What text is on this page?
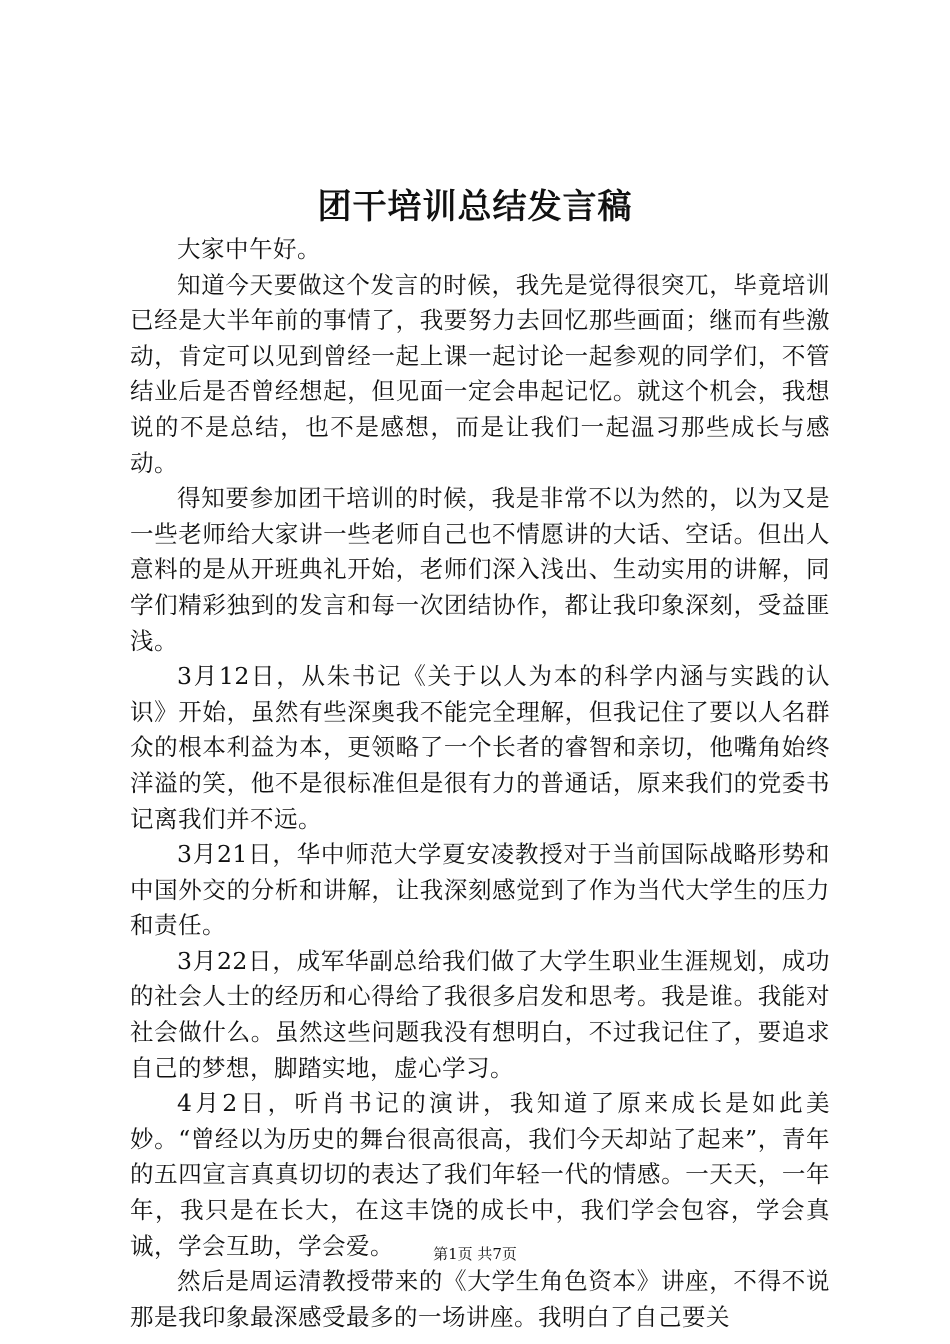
团干培训总结发言稿

大家中午好。

知道今天要做这个发言的时候，我先是觉得很突兀，毕竟培训已经是大半年前的事情了，我要努力去回忆那些画面；继而有些激动，肯定可以见到曾经一起上课一起讨论一起参观的同学们，不管结业后是否曾经想起，但见面一定会串起记忆。就这个机会，我想说的不是总结，也不是感想，而是让我们一起温习那些成长与感动。

得知要参加团干培训的时候，我是非常不以为然的，以为又是一些老师给大家讲一些老师自己也不情愿讲的大话、空话。但出人意料的是从开班典礼开始，老师们深入浅出、生动实用的讲解，同学们精彩独到的发言和每一次团结协作，都让我印象深刻，受益匪浅。

3月12日，从朱书记《关于以人为本的科学内涵与实践的认识》开始，虽然有些深奥我不能完全理解，但我记住了要以人名群众的根本利益为本，更领略了一个长者的睿智和亲切，他嘴角始终洋溢的笑，他不是很标准但是很有力的普通话，原来我们的党委书记离我们并不远。

3月21日，华中师范大学夏安凌教授对于当前国际战略形势和中国外交的分析和讲解，让我深刻感觉到了作为当代大学生的压力和责任。

3月22日，成军华副总给我们做了大学生职业生涯规划，成功的社会人士的经历和心得给了我很多启发和思考。我是谁。我能对社会做什么。虽然这些问题我没有想明白，不过我记住了，要追求自己的梦想，脚踏实地，虚心学习。

4月2日，听肖书记的演讲，我知道了原来成长是如此美妙。“曾经以为历史的舞台很高很高，我们今天却站了起来”，青年的五四宣言真真切切的表达了我们年轻一代的情感。一天天，一年年，我只是在长大，在这丰饶的成长中，我们学会包容，学会真诚，学会互助，学会爱。

然后是周运清教授带来的《大学生角色资本》讲座，不得不说那是我印象最深感受最多的一场讲座。我明白了自己要关

第1页 共7页
